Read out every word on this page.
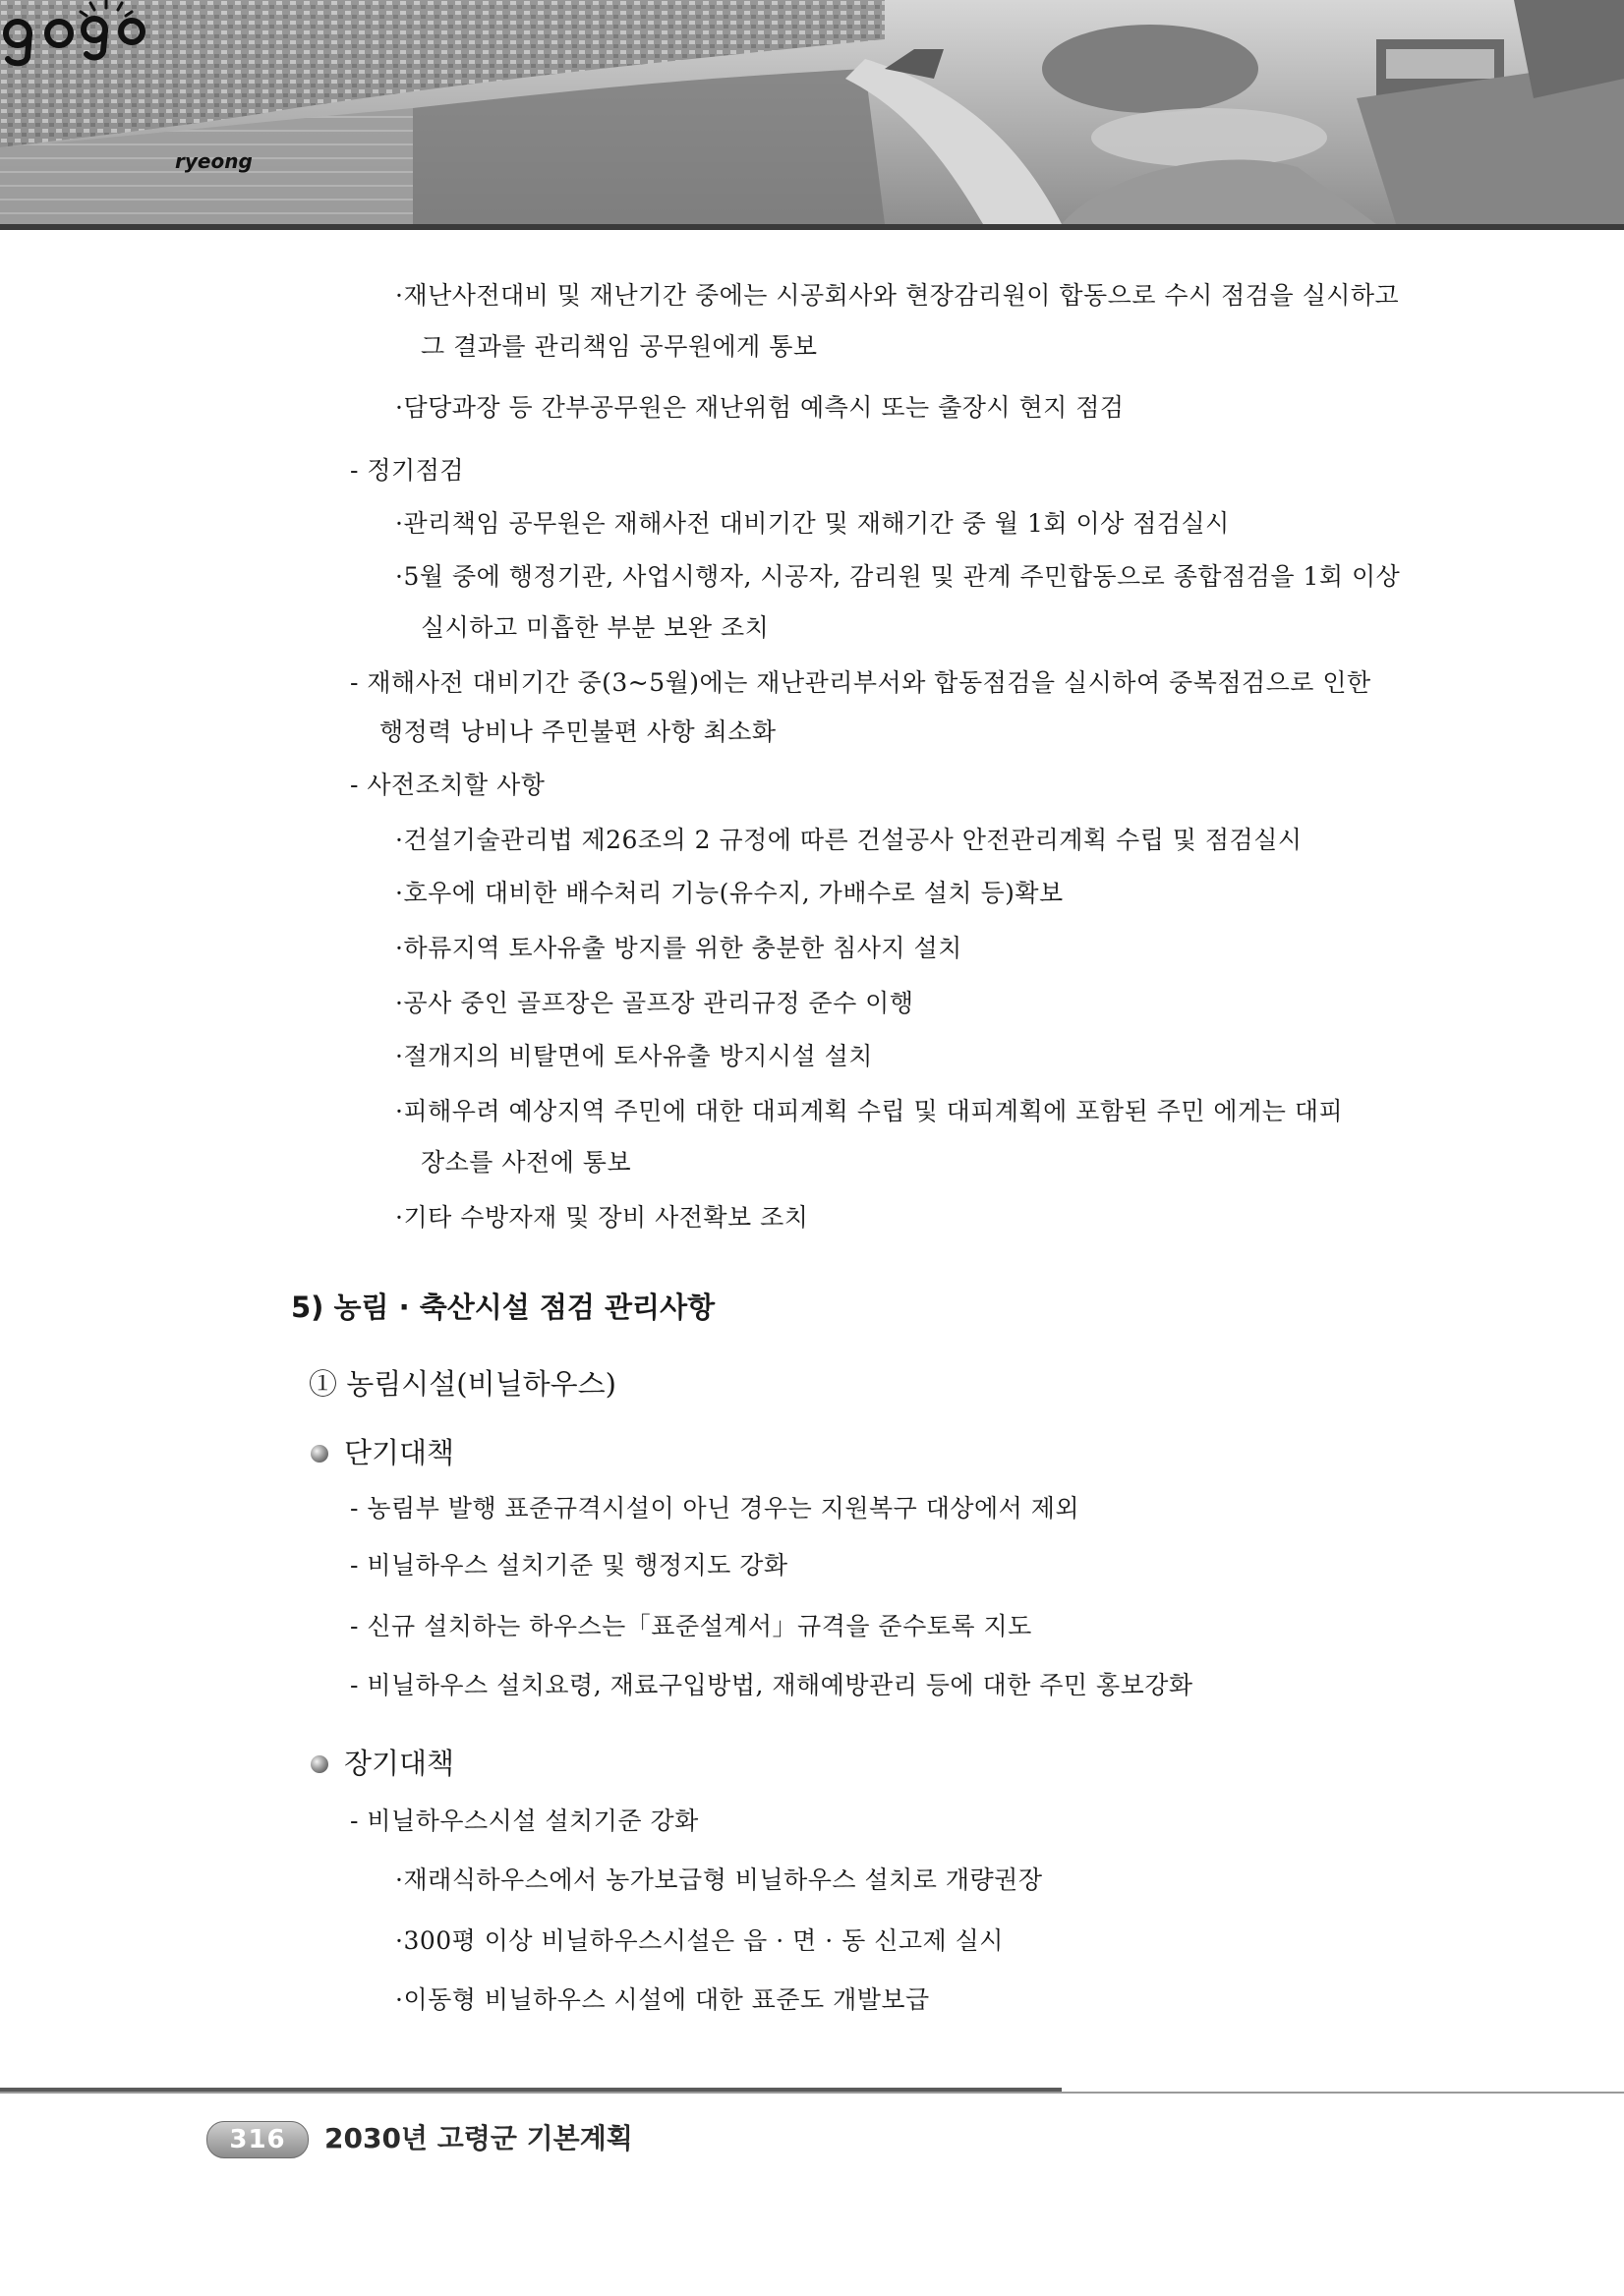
ryeong
·재난사전대비 및 재난기간 중에는 시공회사와 현장감리원이 합동으로 수시 점검을 실시하고
그 결과를 관리책임 공무원에게 통보
·담당과장 등 간부공무원은 재난위험 예측시 또는 출장시 현지 점검
- 정기점검
·관리책임 공무원은 재해사전 대비기간 및 재해기간 중 월 1회 이상 점검실시
·5월 중에 행정기관, 사업시행자, 시공자, 감리원 및 관계 주민합동으로 종합점검을 1회 이상
실시하고 미흡한 부분 보완 조치
- 재해사전 대비기간 중(3~5월)에는 재난관리부서와 합동점검을 실시하여 중복점검으로 인한
행정력 낭비나 주민불편 사항 최소화
- 사전조치할 사항
·건설기술관리법 제26조의 2 규정에 따른 건설공사 안전관리계획 수립 및 점검실시
·호우에 대비한 배수처리 기능(유수지, 가배수로 설치 등)확보
·하류지역 토사유출 방지를 위한 충분한 침사지 설치
·공사 중인 골프장은 골프장 관리규정 준수 이행
·절개지의 비탈면에 토사유출 방지시설 설치
·피해우려 예상지역 주민에 대한 대피계획 수립 및 대피계획에 포함된 주민 에게는 대피
장소를 사전에 통보
·기타 수방자재 및 장비 사전확보 조치
5) 농림 · 축산시설 점검 관리사항
① 농림시설(비닐하우스)
단기대책
- 농림부 발행 표준규격시설이 아닌 경우는 지원복구 대상에서 제외
- 비닐하우스 설치기준 및 행정지도 강화
- 신규 설치하는 하우스는「표준설계서」규격을 준수토록 지도
- 비닐하우스 설치요령, 재료구입방법, 재해예방관리 등에 대한 주민 홍보강화
장기대책
- 비닐하우스시설 설치기준 강화
·재래식하우스에서 농가보급형 비닐하우스 설치로 개량권장
·300평 이상 비닐하우스시설은 읍 · 면 · 동 신고제 실시
·이동형 비닐하우스 시설에 대한 표준도 개발보급
316	2030년 고령군 기본계획
